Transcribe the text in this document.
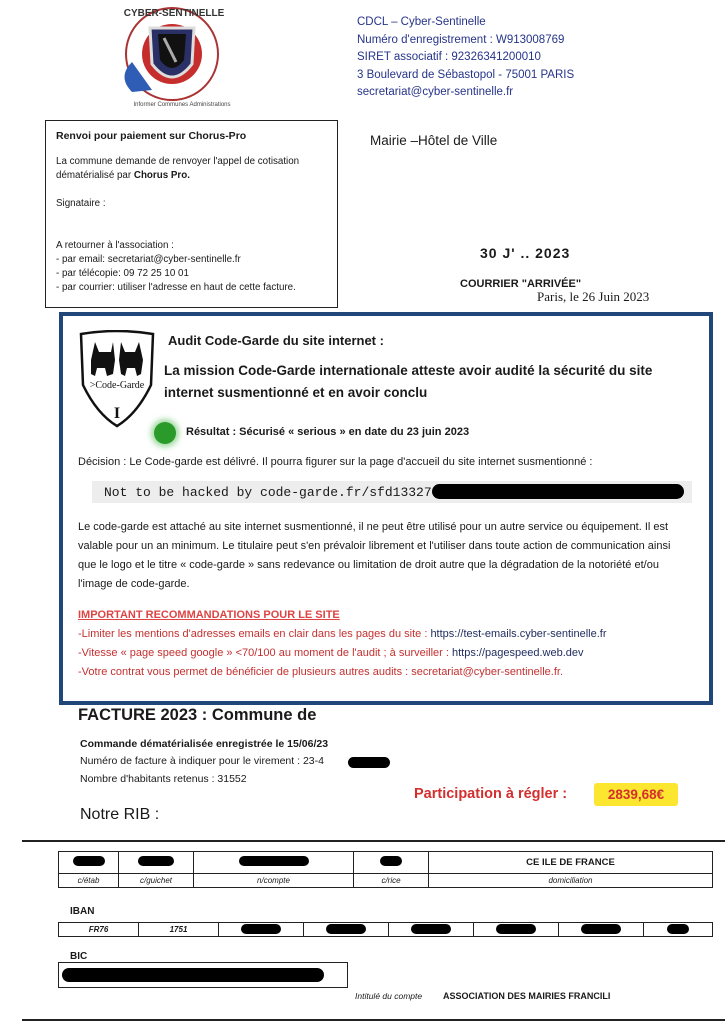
CYBER-SENTINELLE
Informer Communes Administrations
CDCL – Cyber-Sentinelle
Numéro d'enregistrement : W913008769
SIRET associatif : 92326341200010
3 Boulevard de Sébastopol - 75001 PARIS
secretariat@cyber-sentinelle.fr
Renvoi pour paiement sur Chorus-Pro
La commune demande de renvoyer l'appel de cotisation
dématérialisé par Chorus Pro.
Signataire :
A retourner à l'association :
- par email: secretariat@cyber-sentinelle.fr
- par télécopie: 09 72 25 10 01
- par courrier: utiliser l'adresse en haut de cette facture.
Mairie –Hôtel de Ville
30 J' .. 2023
COURRIER "ARRIVÉE"
Paris, le 26 Juin 2023
>Code-Garde
I
Audit Code-Garde du site internet :
La mission Code-Garde internationale atteste avoir audité la sécurité du site internet susmentionné et en avoir conclu
Résultat : Sécurisé « serious » en date du 23 juin 2023
Décision : Le Code-garde est délivré. Il pourra figurer sur la page d'accueil du site internet susmentionné :
Not to be hacked by code-garde.fr/sfd13327
Le code-garde est attaché au site internet susmentionné, il ne peut être utilisé pour un autre service ou équipement. Il est valable pour un an minimum. Le titulaire peut s'en prévaloir librement et l'utiliser dans toute action de communication ainsi que le logo et le titre « code-garde » sans redevance ou limitation de droit autre que la dégradation de la notoriété et/ou l'image de code-garde.
IMPORTANT RECOMMANDATIONS POUR LE SITE
-Limiter les mentions d'adresses emails en clair dans les pages du site : https://test-emails.cyber-sentinelle.fr
-Vitesse « page speed google » <70/100 au moment de l'audit ; à surveiller : https://pagespeed.web.dev
-Votre contrat vous permet de bénéficier de plusieurs autres audits : secretariat@cyber-sentinelle.fr.
FACTURE 2023 : Commune de
Commande dématérialisée enregistrée le 15/06/23
Numéro de facture à indiquer pour le virement : 23-4
Nombre d'habitants retenus : 31552
Participation à régler :	2839,68€
Notre RIB :
				CE ILE DE FRANCE
c/étab	c/guichet	n/compte	c/rice	domiciliation
IBAN
FR76	1751						
BIC
Intitulé du compte ASSOCIATION DES MAIRIES FRANCILI
